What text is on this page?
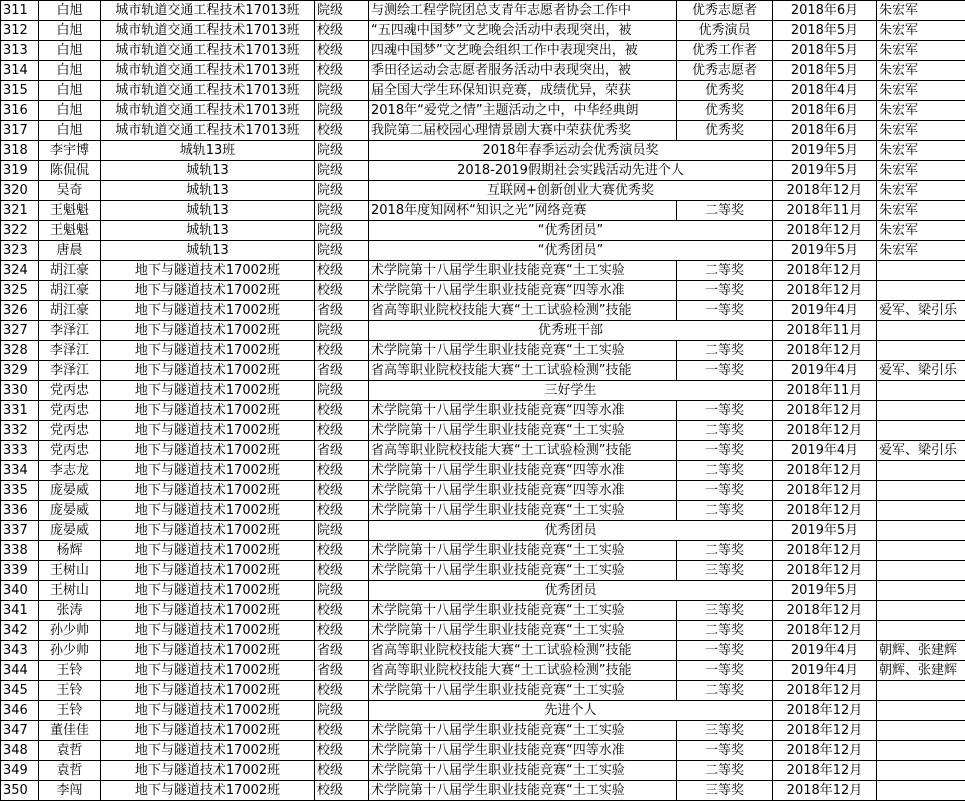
311	白旭	城市轨道交通工程技术17013班	院级	与测绘工程学院团总支青年志愿者协会工作中	优秀志愿者	2018年6月	朱宏军
312	白旭	城市轨道交通工程技术17013班	校级	“五四魂中国梦”文艺晚会活动中表现突出，被	优秀演员	2018年5月	朱宏军
313	白旭	城市轨道交通工程技术17013班	校级	四魂中国梦”文艺晚会组织工作中表现突出，被	优秀工作者	2018年5月	朱宏军
314	白旭	城市轨道交通工程技术17013班	校级	季田径运动会志愿者服务活动中表现突出，被	优秀志愿者	2018年5月	朱宏军
315	白旭	城市轨道交通工程技术17013班	院级	届全国大学生环保知识竞赛，成绩优异，荣获	优秀奖	2018年4月	朱宏军
316	白旭	城市轨道交通工程技术17013班	院级	2018年“爱党之情”主题活动之中，中华经典朗	优秀奖	2018年6月	朱宏军
317	白旭	城市轨道交通工程技术17013班	校级	我院第二届校园心理情景剧大赛中荣获优秀奖	优秀奖	2018年6月	朱宏军
318	李宇博	城轨13班	院级	2018年春季运动会优秀演员奖		2019年5月	朱宏军
319	陈侃侃	城轨13	院级	2018-2019假期社会实践活动先进个人		2019年5月	朱宏军
320	吴奇	城轨13	院级	互联网+创新创业大赛优秀奖		2018年12月	朱宏军
321	王魁魁	城轨13	院级	2018年度知网杯“知识之光”网络竞赛	二等奖	2018年11月	朱宏军
322	王魁魁	城轨13	院级	“优秀团员”		2018年12月	朱宏军
323	唐晨	城轨13	院级	“优秀团员”		2019年5月	朱宏军
324	胡江豪	地下与隧道技术17002班	校级	术学院第十八届学生职业技能竞赛“土工实验	二等奖	2018年12月	
325	胡江豪	地下与隧道技术17002班	校级	术学院第十八届学生职业技能竞赛“四等水准	一等奖	2018年12月	
326	胡江豪	地下与隧道技术17002班	省级	省高等职业院校技能大赛“土工试验检测”技能	一等奖	2019年4月	爱军、梁引乐
327	李泽江	地下与隧道技术17002班	院级	优秀班干部		2018年11月	
328	李泽江	地下与隧道技术17002班	校级	术学院第十八届学生职业技能竞赛“土工实验	二等奖	2018年12月	
329	李泽江	地下与隧道技术17002班	省级	省高等职业院校技能大赛“土工试验检测”技能	一等奖	2019年4月	爱军、梁引乐
330	党丙忠	地下与隧道技术17002班	院级	三好学生		2018年11月	
331	党丙忠	地下与隧道技术17002班	校级	术学院第十八届学生职业技能竞赛“四等水准	一等奖	2018年12月	
332	党丙忠	地下与隧道技术17002班	校级	术学院第十八届学生职业技能竞赛“土工实验	二等奖	2018年12月	
333	党丙忠	地下与隧道技术17002班	省级	省高等职业院校技能大赛“土工试验检测”技能	一等奖	2019年4月	爱军、梁引乐
334	李志龙	地下与隧道技术17002班	校级	术学院第十八届学生职业技能竞赛“四等水准	二等奖	2018年12月	
335	庞晏威	地下与隧道技术17002班	校级	术学院第十八届学生职业技能竞赛“四等水准	一等奖	2018年12月	
336	庞晏威	地下与隧道技术17002班	校级	术学院第十八届学生职业技能竞赛“土工实验	二等奖	2018年12月	
337	庞晏威	地下与隧道技术17002班	院级	优秀团员		2019年5月	
338	杨辉	地下与隧道技术17002班	校级	术学院第十八届学生职业技能竞赛“土工实验	二等奖	2018年12月	
339	王树山	地下与隧道技术17002班	校级	术学院第十八届学生职业技能竞赛“土工实验	三等奖	2018年12月	
340	王树山	地下与隧道技术17002班	院级	优秀团员		2019年5月	
341	张涛	地下与隧道技术17002班	校级	术学院第十八届学生职业技能竞赛“土工实验	三等奖	2018年12月	
342	孙少帅	地下与隧道技术17002班	校级	术学院第十八届学生职业技能竞赛“土工实验	二等奖	2018年12月	
343	孙少帅	地下与隧道技术17002班	省级	省高等职业院校技能大赛“土工试验检测”技能	一等奖	2019年4月	朝辉、张建辉
344	王铃	地下与隧道技术17002班	省级	省高等职业院校技能大赛“土工试验检测”技能	一等奖	2019年4月	朝辉、张建辉
345	王铃	地下与隧道技术17002班	校级	术学院第十八届学生职业技能竞赛“土工实验	二等奖	2018年12月	
346	王铃	地下与隧道技术17002班	院级	先进个人		2018年12月	
347	董佳佳	地下与隧道技术17002班	校级	术学院第十八届学生职业技能竞赛“土工实验	三等奖	2018年12月	
348	袁哲	地下与隧道技术17002班	校级	术学院第十八届学生职业技能竞赛“四等水准	一等奖	2018年12月	
349	袁哲	地下与隧道技术17002班	校级	术学院第十八届学生职业技能竞赛“土工实验	二等奖	2018年12月	
350	李闯	地下与隧道技术17002班	校级	术学院第十八届学生职业技能竞赛“土工实验	三等奖	2018年12月	
